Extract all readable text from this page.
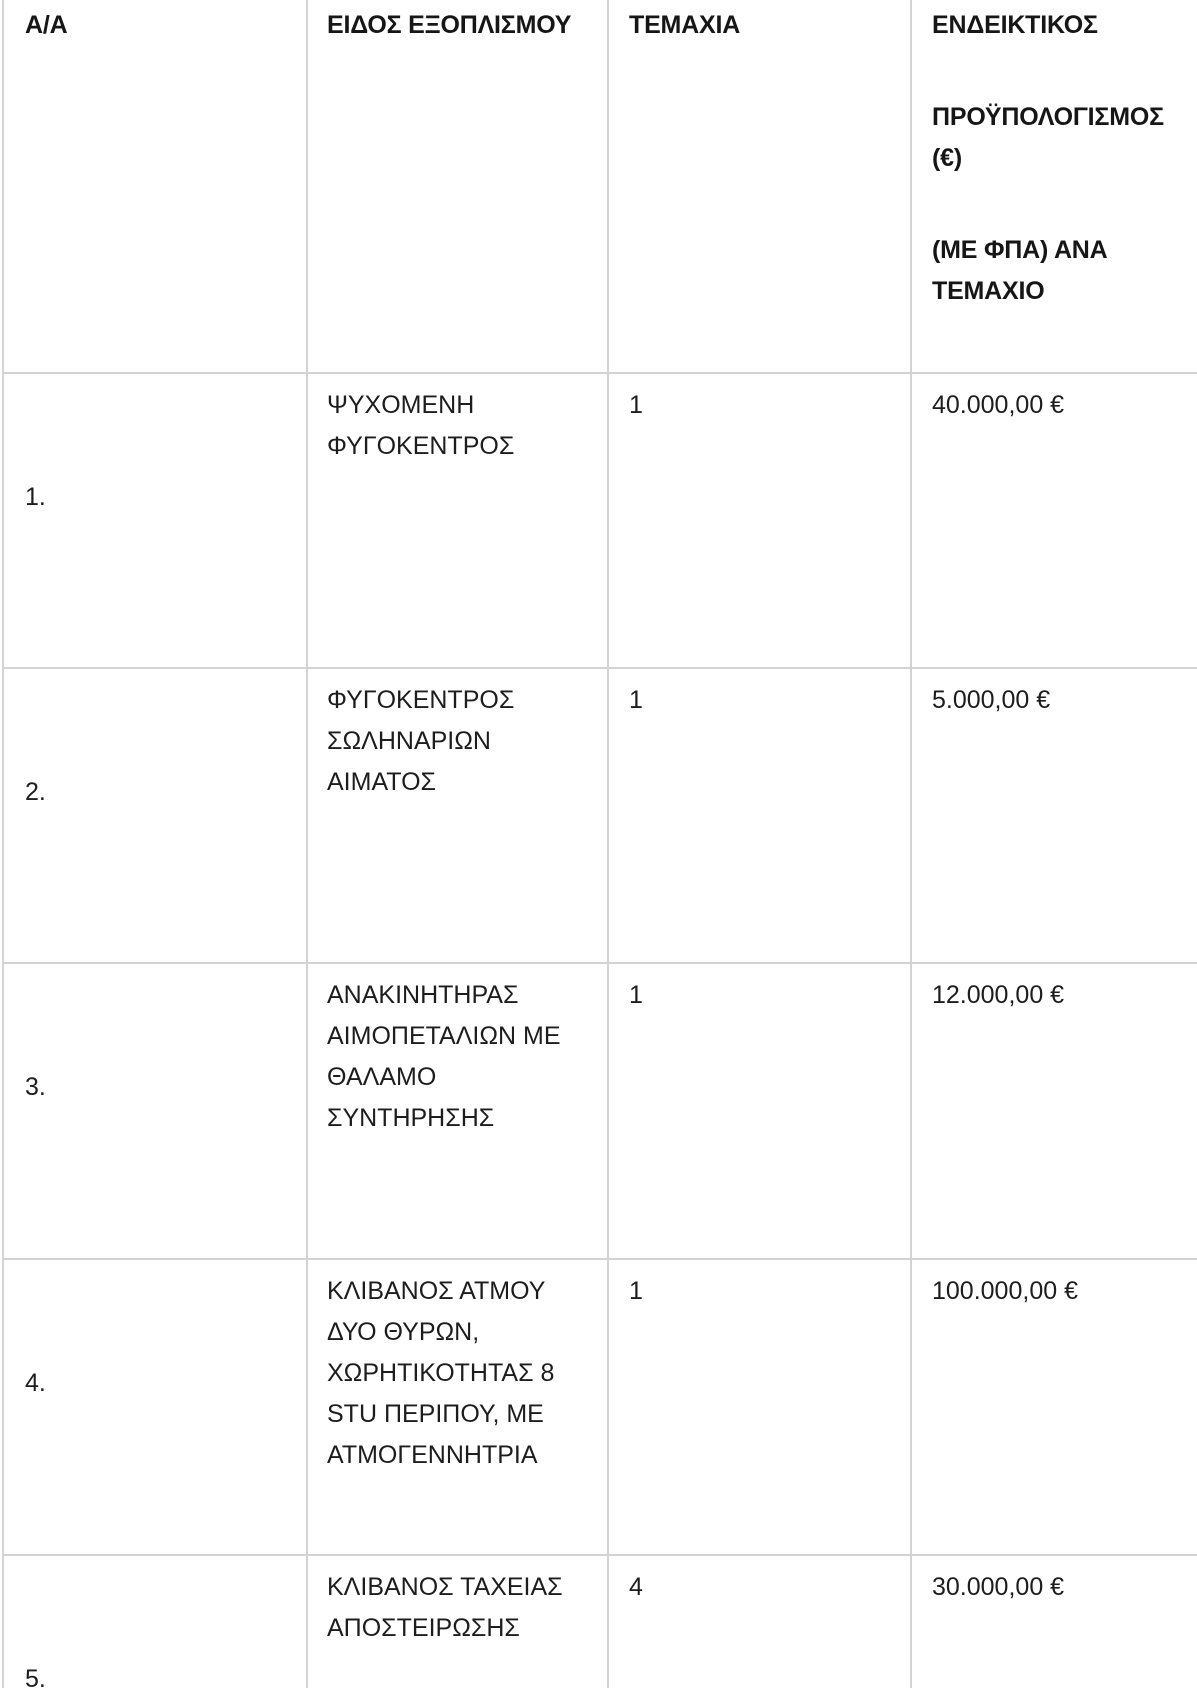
Α/Α	ΕΙΔΟΣ ΕΞΟΠΛΙΣΜΟΥ	ΤΕΜΑΧΙΑ	ΕΝΔΕΙΚΤΙΚΟΣ

ΠΡΟΫΠΟΛΟΓΙΣΜΟΣ (€)

(ΜΕ ΦΠΑ) ΑΝΑ ΤΕΜΑΧΙΟ

1.	ΨΥΧΟΜΕΝΗ ΦΥΓΟΚΕΝΤΡΟΣ	1	40.000,00 €
2.	ΦΥΓΟΚΕΝΤΡΟΣ ΣΩΛΗΝΑΡΙΩΝ ΑΙΜΑΤΟΣ	1	5.000,00 €
3.	ΑΝΑΚΙΝΗΤΗΡΑΣ ΑΙΜΟΠΕΤΑΛΙΩΝ ΜΕ ΘΑΛΑΜΟ ΣΥΝΤΗΡΗΣΗΣ	1	12.000,00 €
4.	ΚΛΙΒΑΝΟΣ ΑΤΜΟΥ ΔΥΟ ΘΥΡΩΝ, ΧΩΡΗΤΙΚΟΤΗΤΑΣ 8 STU ΠΕΡΙΠΟΥ, ΜΕ ΑΤΜΟΓΕΝΝΗΤΡΙΑ	1	100.000,00 €
5.	ΚΛΙΒΑΝΟΣ ΤΑΧΕΙΑΣ ΑΠΟΣΤΕΙΡΩΣΗΣ	4	30.000,00 €
